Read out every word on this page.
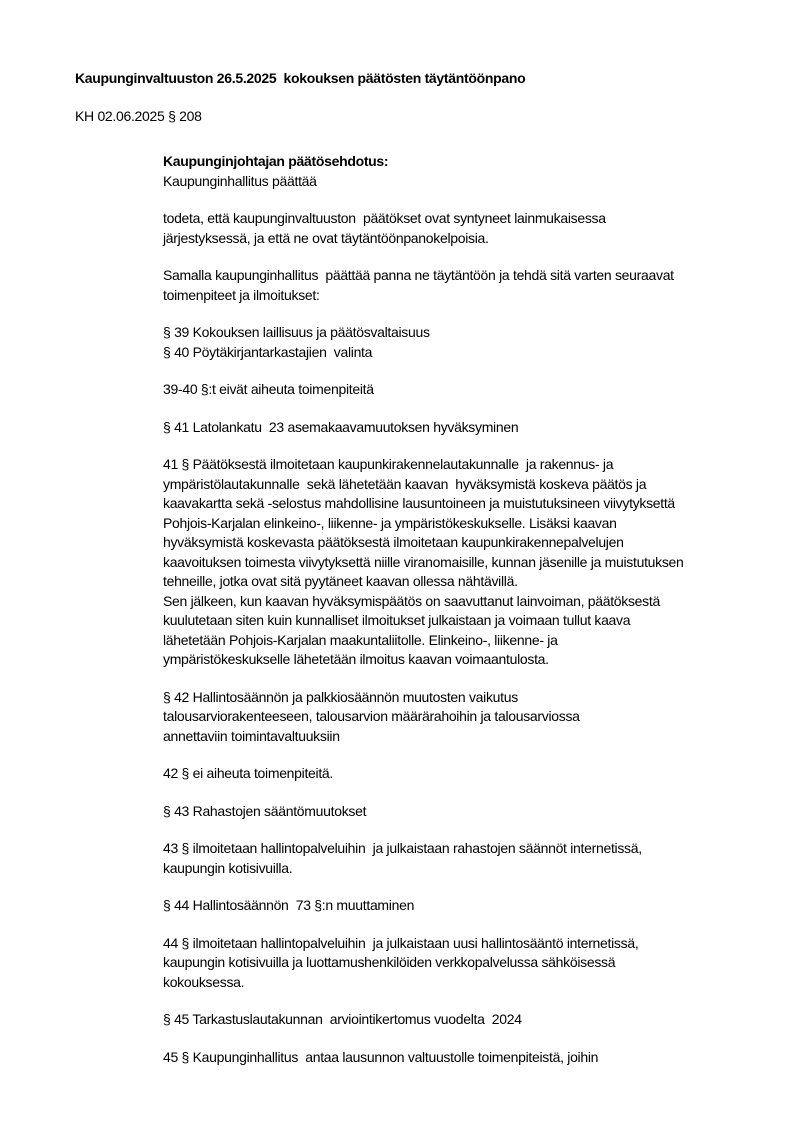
Kaupunginvaltuuston 26.5.2025  kokouksen päätösten täytäntöönpano
KH 02.06.2025 § 208
Kaupunginjohtajan päätösehdotus:
Kaupunginhallitus päättää
todeta, että kaupunginvaltuuston  päätökset ovat syntyneet lainmukaisessa
järjestyksessä, ja että ne ovat täytäntöönpanokelpoisia.
Samalla kaupunginhallitus  päättää panna ne täytäntöön ja tehdä sitä varten seuraavat
toimenpiteet ja ilmoitukset:
§ 39 Kokouksen laillisuus ja päätösvaltaisuus
§ 40 Pöytäkirjantarkastajien  valinta
39-40 §:t eivät aiheuta toimenpiteitä
§ 41 Latolankatu  23 asemakaavamuutoksen hyväksyminen
41 § Päätöksestä ilmoitetaan kaupunkirakennelautakunnalle  ja rakennus- ja
ympäristölautakunnalle  sekä lähetetään kaavan  hyväksymistä koskeva päätös ja
kaavakartta sekä -selostus mahdollisine lausuntoineen ja muistutuksineen viivytyksettä
Pohjois-Karjalan elinkeino-, liikenne- ja ympäristökeskukselle. Lisäksi kaavan
hyväksymistä koskevasta päätöksestä ilmoitetaan kaupunkirakennepalvelujen
kaavoituksen toimesta viivytyksettä niille viranomaisille, kunnan jäsenille ja muistutuksen
tehneille, jotka ovat sitä pyytäneet kaavan ollessa nähtävillä.
Sen jälkeen, kun kaavan hyväksymispäätös on saavuttanut lainvoiman, päätöksestä
kuulutetaan siten kuin kunnalliset ilmoitukset julkaistaan ja voimaan tullut kaava
lähetetään Pohjois-Karjalan maakuntaliitolle. Elinkeino-, liikenne- ja
ympäristökeskukselle lähetetään ilmoitus kaavan voimaantulosta.
§ 42 Hallintosäännön ja palkkiosäännön muutosten vaikutus
talousarviorakenteeseen, talousarvion määrärahoihin ja talousarviossa
annettaviin toimintavaltuuksiin
42 § ei aiheuta toimenpiteitä.
§ 43 Rahastojen sääntömuutokset
43 § ilmoitetaan hallintopalveluihin  ja julkaistaan rahastojen säännöt internetissä,
kaupungin kotisivuilla.
§ 44 Hallintosäännön  73 §:n muuttaminen
44 § ilmoitetaan hallintopalveluihin  ja julkaistaan uusi hallintosääntö internetissä,
kaupungin kotisivuilla ja luottamushenkilöiden verkkopalvelussa sähköisessä
kokouksessa.
§ 45 Tarkastuslautakunnan  arviointikertomus vuodelta  2024
45 § Kaupunginhallitus  antaa lausunnon valtuustolle toimenpiteistä, joihin
